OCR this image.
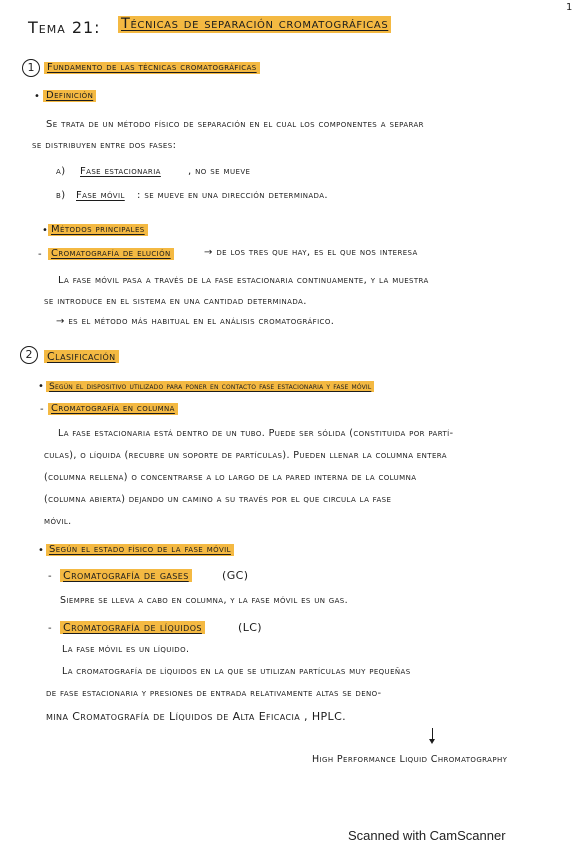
1
Tema 21: Técnicas de separación cromatográficas
1	Fundamento de las técnicas cromatográficas
• Definición
Se trata de un método físico de separación en el cual los componentes a separar
se distribuyen entre dos fases:
a) Fase estacionaria	, no se mueve
b) Fase móvil : se mueve en una dirección determinada.
• Métodos principales
- Cromatografía de elución	→ de los tres que hay, es el que nos interesa
La fase móvil pasa a través de la fase estacionaria continuamente, y la muestra
se introduce en el sistema en una cantidad determinada.
→ es el método más habitual en el análisis cromatográfico.
2	Clasificación
• Según el dispositivo utilizado para poner en contacto fase estacionaria y fase móvil
- Cromatografía en columna
La fase estacionaria está dentro de un tubo. Puede ser sólida (constituida por partí-
culas), o líquida (recubre un soporte de partículas). Pueden llenar la columna entera
(columna rellena) o concentrarse a lo largo de la pared interna de la columna
(columna abierta) dejando un camino a su través por el que circula la fase
móvil.
• Según el estado físico de la fase móvil
- Cromatografía de gases	(GC)
Siempre se lleva a cabo en columna, y la fase móvil es un gas.
- Cromatografía de líquidos	(LC)
La fase móvil es un líquido.
La cromatografía de líquidos en la que se utilizan partículas muy pequeñas
de fase estacionaria y presiones de entrada relativamente altas se deno-
mina Cromatografía de Líquidos de Alta Eficacia , HPLC.
High Performance Liquid Chromatography
Scanned with CamScanner
